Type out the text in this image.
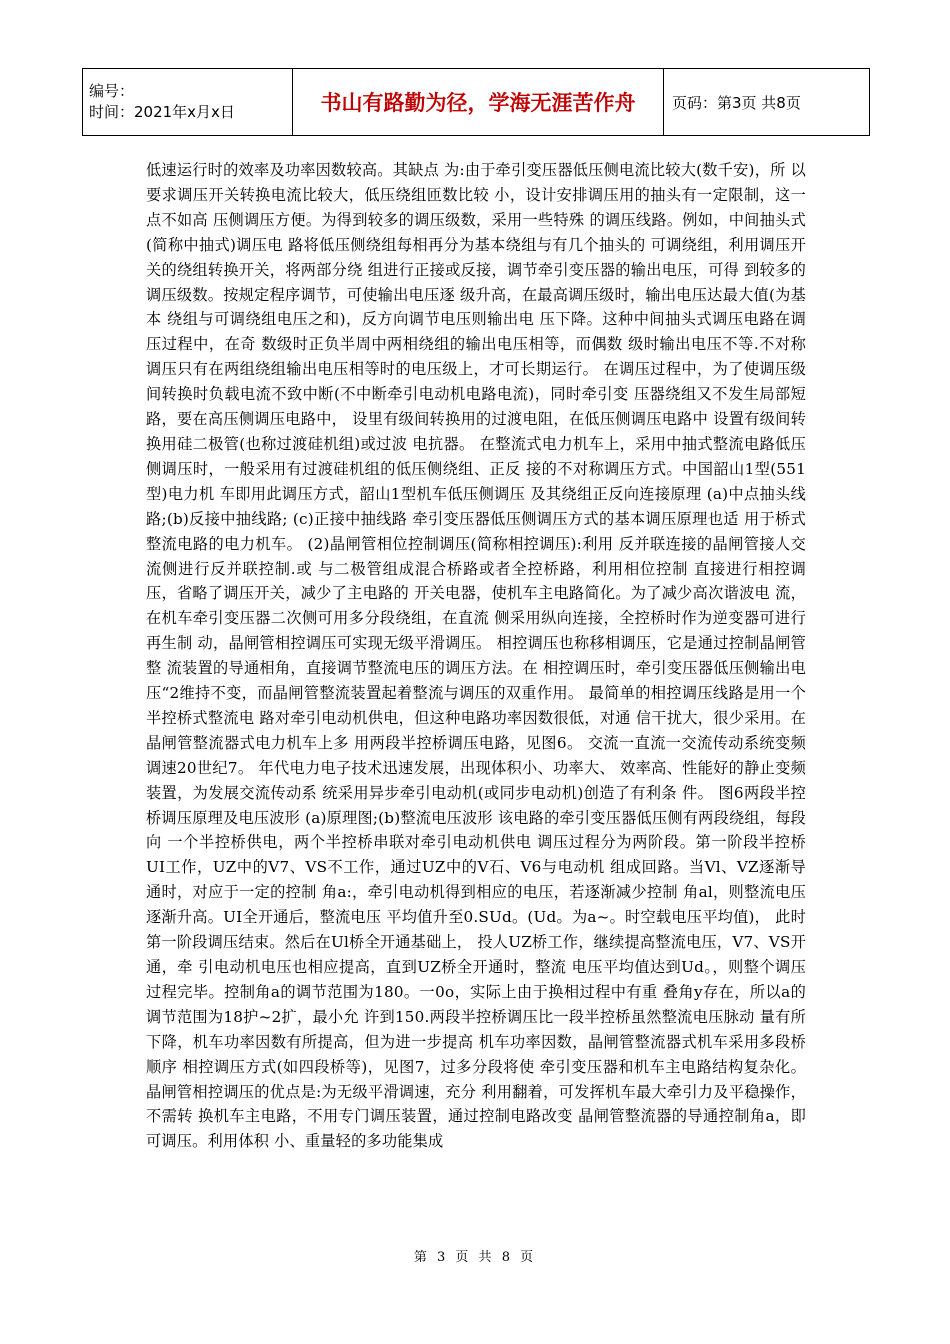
编号：
时间：2021年x月x日	书山有路勤为径，学海无涯苦作舟	页码：第3页 共8页

低速运行时的效率及功率因数较高。其缺点 为:由于牵引变压器低压侧电流比较大(数千安)，所 以要求调压开关转换电流比较大，低压绕组匝数比较 小，设计安排调压用的抽头有一定限制，这一点不如高 压侧调压方便。为得到较多的调压级数，采用一些特殊 的调压线路。例如，中间抽头式(简称中抽式)调压电 路将低压侧绕组每相再分为基本绕组与有几个抽头的 可调绕组，利用调压开关的绕组转换开关，将两部分绕 组进行正接或反接，调节牵引变压器的输出电压，可得 到较多的调压级数。按规定程序调节，可使输出电压逐 级升高，在最高调压级时，输出电压达最大值(为基本 绕组与可调绕组电压之和)，反方向调节电压则输出电 压下降。这种中间抽头式调压电路在调压过程中，在奇 数级时正负半周中两相绕组的输出电压相等，而偶数 级时输出电压不等.不对称调压只有在两组绕组输出电压相等时的电压级上，才可长期运行。 在调压过程中，为了使调压级间转换时负载电流不致中断(不中断牵引电动机电路电流)，同时牵引变 压器绕组又不发生局部短路，要在高压侧调压电路中， 设里有级间转换用的过渡电阻，在低压侧调压电路中 设置有级间转换用硅二极管(也称过渡硅机组)或过波 电抗器。 在整流式电力机车上，采用中抽式整流电路低压 侧调压时，一般采用有过渡硅机组的低压侧绕组、正反 接的不对称调压方式。中国韶山1型(551型)电力机 车即用此调压方式，韶山1型机车低压侧调压 及其绕组正反向连接原理 (a)中点抽头线路;(b)反接中抽线路; (c)正接中抽线路 牵引变压器低压侧调压方式的基本调压原理也适 用于桥式整流电路的电力机车。 (2)晶闸管相位控制调压(简称相控调压):利用 反并联连接的晶闸管接人交流侧进行反并联控制.或 与二极管组成混合桥路或者全控桥路，利用相位控制 直接进行相控调压，省略了调压开关，减少了主电路的 开关电器，使机车主电路简化。为了减少高次谐波电 流，在机车牵引变压器二次侧可用多分段绕组，在直流 侧采用纵向连接，全控桥时作为逆变器可进行再生制 动，晶闸管相控调压可实现无级平滑调压。 相控调压也称移相调压，它是通过控制晶闸管整 流装置的导通相角，直接调节整流电压的调压方法。在 相控调压时，牵引变压器低压侧输出电压“2维持不变，而晶闸管整流装置起着整流与调压的双重作用。 最简单的相控调压线路是用一个半控桥式整流电 路对牵引电动机供电，但这种电路功率因数很低，对通 信干扰大，很少采用。在晶闸管整流器式电力机车上多 用两段半控桥调压电路，见图6。 交流一直流一交流传动系统变频调速20世纪7。 年代电力电子技术迅速发展，出现体积小、功率大、 效率高、性能好的静止变频装置，为发展交流传动系 统采用异步牵引电动机(或同步电动机)创造了有利条 件。 图6两段半控桥调压原理及电压波形 (a)原理图;(b)整流电压波形 该电路的牵引变压器低压侧有两段绕组，每段向 一个半控桥供电，两个半控桥串联对牵引电动机供电 调压过程分为两阶段。第一阶段半控桥UI工作，UZ中的V7、VS不工作，通过UZ中的V石、V6与电动机 组成回路。当Vl、VZ逐渐导通时，对应于一定的控制 角a:，牵引电动机得到相应的电压，若逐渐减少控制 角al，则整流电压逐渐升高。UI全开通后，整流电压 平均值升至0.SUd。(Ud。为a~。时空载电压平均值)， 此时第一阶段调压结束。然后在Ul桥全开通基础上， 投人UZ桥工作，继续提高整流电压，V7、VS开通，牵 引电动机电压也相应提高，直到UZ桥全开通时，整流 电压平均值达到Ud。，则整个调压过程完毕。控制角a的调节范围为180。一0o，实际上由于换相过程中有重 叠角y存在，所以a的调节范围为18护~2扩，最小允 许到150.两段半控桥调压比一段半控桥虽然整流电压脉动 量有所下降，机车功率因数有所提高，但为进一步提高 机车功率因数，晶闸管整流器式机车采用多段桥顺序 相控调压方式(如四段桥等)，见图7，过多分段将使 牵引变压器和机车主电路结构复杂化。 晶闸管相控调压的优点是:为无级平滑调速，充分 利用翻着，可发挥机车最大牵引力及平稳操作，不需转 换机车主电路，不用专门调压装置，通过控制电路改变 晶闸管整流器的导通控制角a，即可调压。利用体积 小、重量轻的多功能集成

第 3 页 共 8 页
